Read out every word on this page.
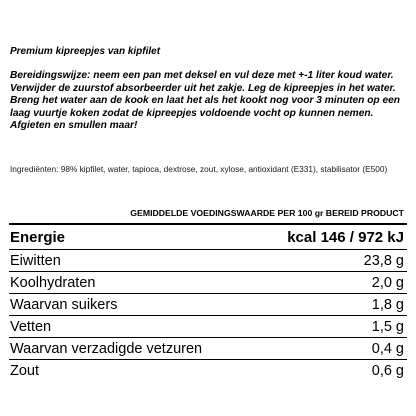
Premium kipreepjes van kipfilet
Bereidingswijze: neem een pan met deksel en vul deze met +-1 liter koud water. Verwijder de zuurstof absorbeerder uit het zakje. Leg de kipreepjes in het water. Breng het water aan de kook en laat het als het kookt nog voor 3 minuten op een laag vuurtje koken zodat de kipreepjes voldoende vocht op kunnen nemen. Afgieten en smullen maar!
Ingrediënten: 98% kipfilet, water, tapioca, dextrose, zout, xylose, antioxidant (E331), stabilisator (E500)
GEMIDDELDE VOEDINGSWAARDE PER 100 gr BEREID PRODUCT
Energie	kcal 146 / 972 kJ
Eiwitten	23,8 g
Koolhydraten	2,0 g
Waarvan suikers	1,8 g
Vetten	1,5 g
Waarvan verzadigde vetzuren	0,4 g
Zout	0,6 g
